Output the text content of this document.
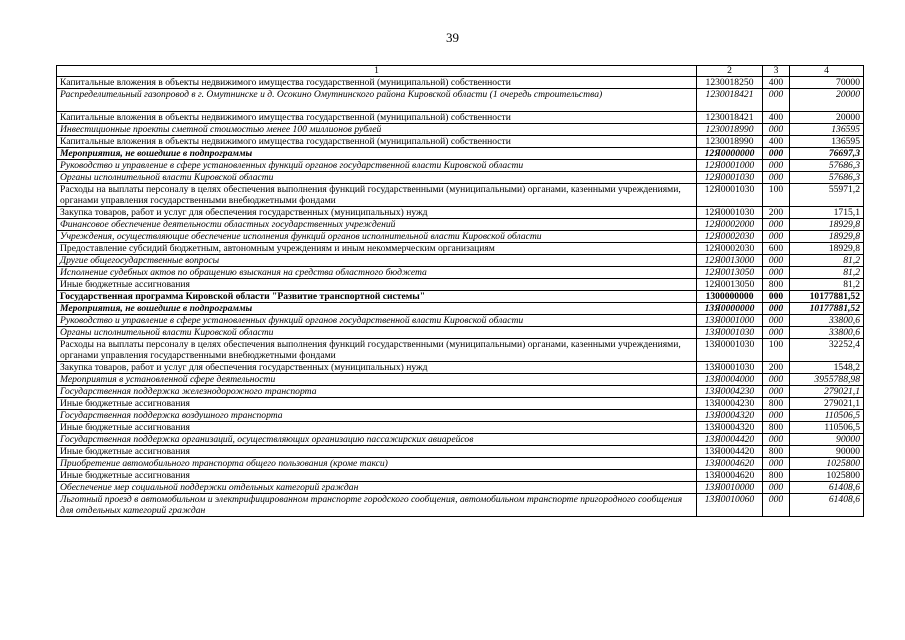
39
1	2	3	4
Капитальные вложения в объекты недвижимого имущества государственной (муниципальной) собственности	1230018250	400	70000
Распределительный газопровод в г. Омутнинске и д. Осокино Омутнинского района Кировской области (1 очередь строительства)	1230018421	000	20000
Капитальные вложения в объекты недвижимого имущества государственной (муниципальной) собственности	1230018421	400	20000
Инвестиционные проекты сметной стоимостью менее 100 миллионов рублей	1230018990	000	136595
Капитальные вложения в объекты недвижимого имущества государственной (муниципальной) собственности	1230018990	400	136595
Мероприятия, не вошедшие в подпрограммы	12Я0000000	000	76697,3
Руководство и управление в сфере установленных функций органов государственной власти Кировской области	12Я0001000	000	57686,3
Органы исполнительной власти Кировской области	12Я0001030	000	57686,3
Расходы на выплаты персоналу в целях обеспечения выполнения функций государственными (муниципальными) органами, казенными учреждениями, органами управления государственными внебюджетными фондами	12Я0001030	100	55971,2
Закупка товаров, работ и услуг для обеспечения государственных (муниципальных) нужд	12Я0001030	200	1715,1
Финансовое обеспечение деятельности областных государственных учреждений	12Я0002000	000	18929,8
Учреждения, осуществляющие обеспечение исполнения функций органов исполнительной власти Кировской области	12Я0002030	000	18929,8
Предоставление субсидий бюджетным, автономным учреждениям и иным некоммерческим организациям	12Я0002030	600	18929,8
Другие общегосударственные вопросы	12Я0013000	000	81,2
Исполнение судебных актов по обращению взыскания на средства областного бюджета	12Я0013050	000	81,2
Иные бюджетные ассигнования	12Я0013050	800	81,2
Государственная программа Кировской области "Развитие транспортной системы"	1300000000	000	10177881,52
Мероприятия, не вошедшие в подпрограммы	13Я0000000	000	10177881,52
Руководство и управление в сфере установленных функций органов государственной власти Кировской области	13Я0001000	000	33800,6
Органы исполнительной власти Кировской области	13Я0001030	000	33800,6
Расходы на выплаты персоналу в целях обеспечения выполнения функций государственными (муниципальными) органами, казенными учреждениями, органами управления государственными внебюджетными фондами	13Я0001030	100	32252,4
Закупка товаров, работ и услуг для обеспечения государственных (муниципальных) нужд	13Я0001030	200	1548,2
Мероприятия в установленной сфере деятельности	13Я0004000	000	3955788,98
Государственная поддержка железнодорожного транспорта	13Я0004230	000	279021,1
Иные бюджетные ассигнования	13Я0004230	800	279021,1
Государственная поддержка воздушного транспорта	13Я0004320	000	110506,5
Иные бюджетные ассигнования	13Я0004320	800	110506,5
Государственная поддержка организаций, осуществляющих организацию пассажирских авиарейсов	13Я0004420	000	90000
Иные бюджетные ассигнования	13Я0004420	800	90000
Приобретение автомобильного транспорта общего пользования (кроме такси)	13Я0004620	000	1025800
Иные бюджетные ассигнования	13Я0004620	800	1025800
Обеспечение мер социальной поддержки отдельных категорий граждан	13Я0010000	000	61408,6
Льготный проезд в автомобильном и электрифицированном транспорте городского сообщения, автомобильном транспорте пригородного сообщения для отдельных категорий граждан	13Я0010060	000	61408,6
